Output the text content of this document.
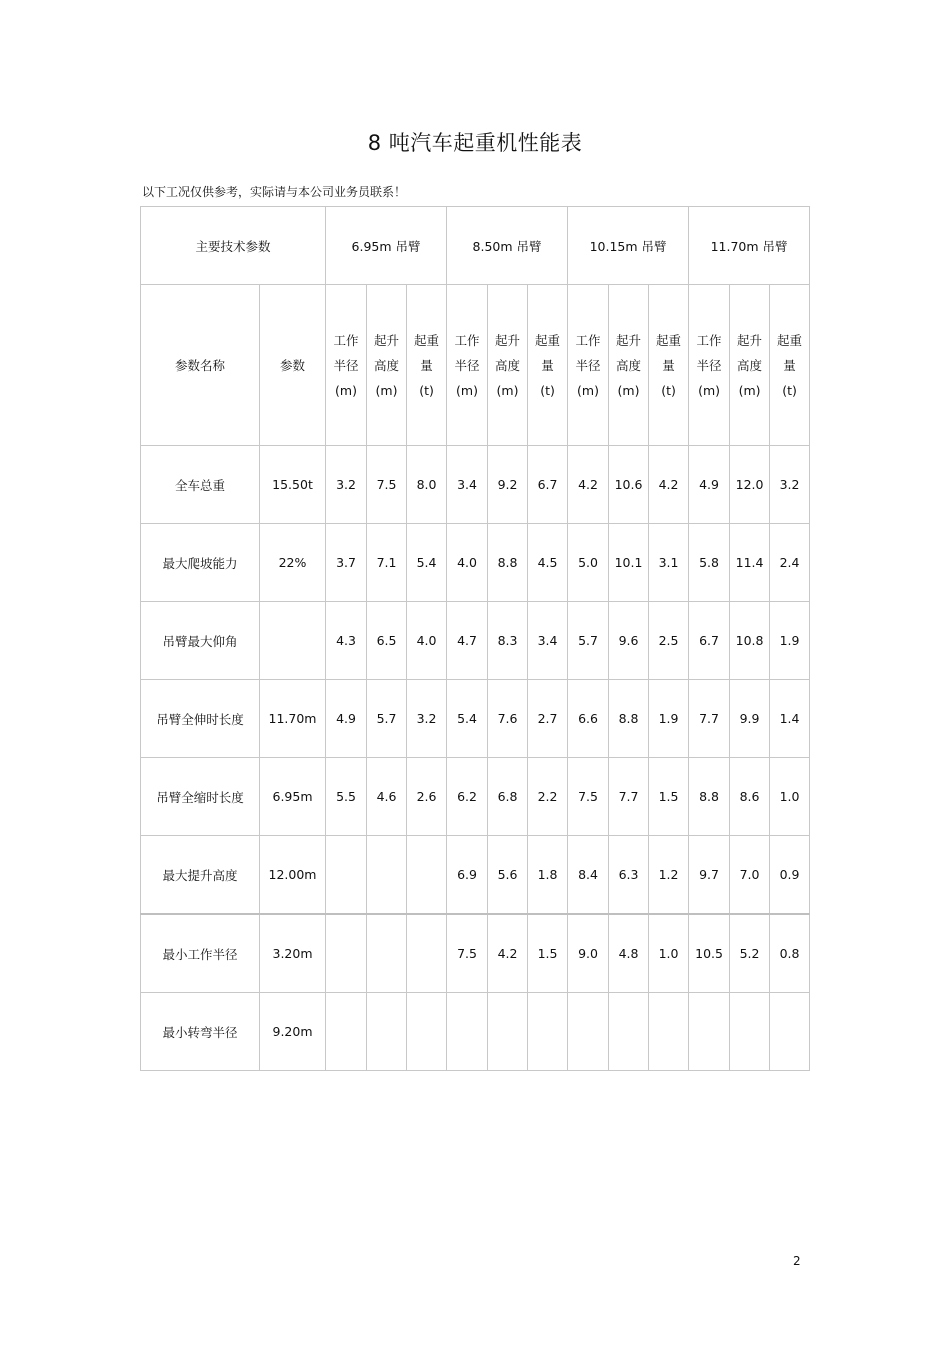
8 吨汽车起重机性能表
以下工况仅供参考，实际请与本公司业务员联系！
主要技术参数		6.95m 吊臂			8.50m 吊臂			10.15m 吊臂			11.70m 吊臂		
参数名称	参数	工作
半径
(m)	起升
高度
(m)	起重
量
(t)	工作
半径
(m)	起升
高度
(m)	起重
量
(t)	工作
半径
(m)	起升
高度
(m)	起重
量
(t)	工作
半径
(m)	起升
高度
(m)	起重
量
(t)

全车总重	15.50t	3.2	7.5	8.0	3.4	9.2	6.7	4.2	10.6	4.2	4.9	12.0	3.2
最大爬坡能力	22%	3.7	7.1	5.4	4.0	8.8	4.5	5.0	10.1	3.1	5.8	11.4	2.4
吊臂最大仰角		4.3	6.5	4.0	4.7	8.3	3.4	5.7	9.6	2.5	6.7	10.8	1.9
吊臂全伸时长度	11.70m	4.9	5.7	3.2	5.4	7.6	2.7	6.6	8.8	1.9	7.7	9.9	1.4
吊臂全缩时长度	6.95m	5.5	4.6	2.6	6.2	6.8	2.2	7.5	7.7	1.5	8.8	8.6	1.0
最大提升高度	12.00m				6.9	5.6	1.8	8.4	6.3	1.2	9.7	7.0	0.9
最小工作半径	3.20m				7.5	4.2	1.5	9.0	4.8	1.0	10.5	5.2	0.8
最小转弯半径	9.20m												
2
